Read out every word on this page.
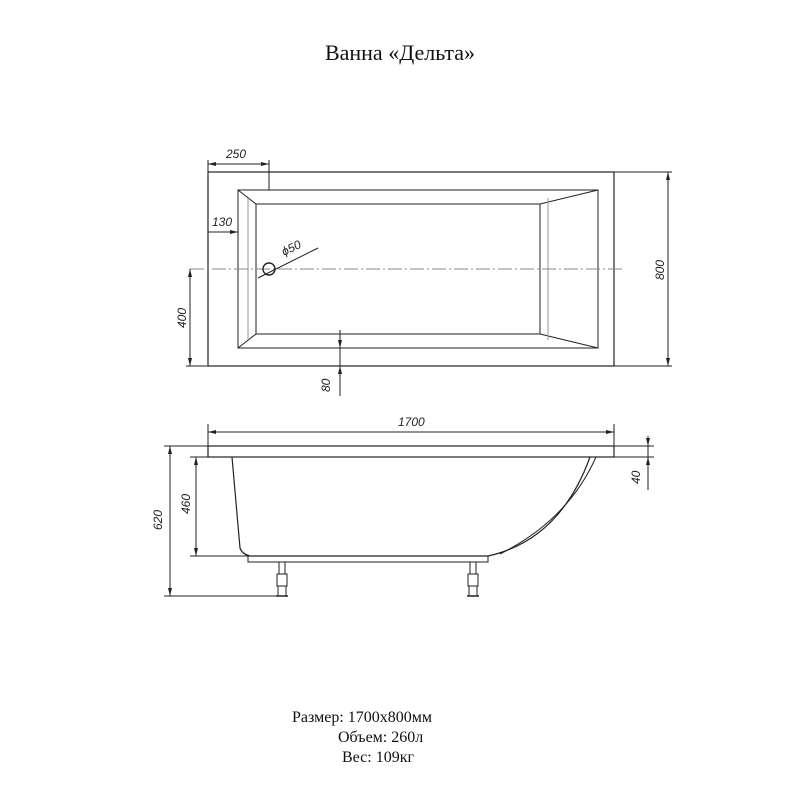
Ванна «Дельта»
250
130
ϕ50
400
80
800
1700
40
460
620
Размер: 1700х800мм
Объем: 260л
Вес: 109кг
